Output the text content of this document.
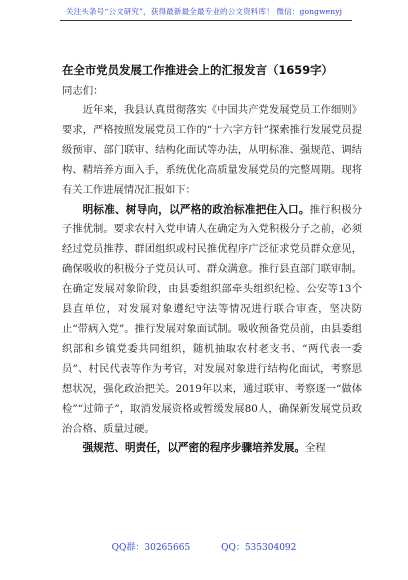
关注头条号“公文研究”，获得最新最全最专业的公文资料库！ 微信：gongwenyj
在全市党员发展工作推进会上的汇报发言（1659字）
同志们：

近年来，我县认真贯彻落实《中国共产党发展党员工作细则》要求，严格按照发展党员工作的“十六字方针”探索推行发展党员提级预审、部门联审、结构化面试等办法，从明标准、强规范、调结构、精培养方面入手，系统优化高质量发展党员的完整周期。现将有关工作进展情况汇报如下：

明标准、树导向，以严格的政治标准把住入口。推行积极分子推优制。要求农村入党申请人在确定为入党积极分子之前，必须经过党员推荐、群团组织或村民推优程序广泛征求党员群众意见，确保吸收的积极分子党员认可、群众满意。推行县直部门联审制。在确定发展对象阶段，由县委组织部牵头组织纪检、公安等13个县直单位，对发展对象遵纪守法等情况进行联合审查，坚决防止“带病入党”。推行发展对象面试制。吸收预备党员前，由县委组织部和乡镇党委共同组织，随机抽取农村老支书、“两代表一委员”、村民代表等作为考官，对发展对象进行结构化面试，考察思想状况，强化政治把关。2019年以来，通过联审、考察逐一“做体检”“过筛子”，取消发展资格或暂缓发展80人，确保新发展党员政治合格、质量过硬。

强规范、明责任，以严密的程序步骤培养发展。全程

QQ群：30265665	QQ：535304092
